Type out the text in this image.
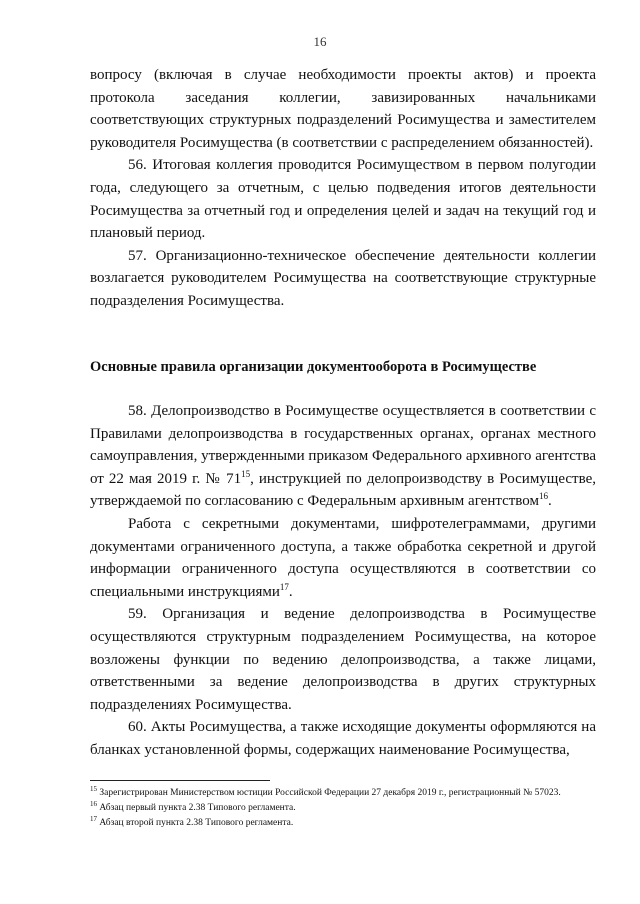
16

вопросу (включая в случае необходимости проекты актов) и проекта протокола заседания коллегии, завизированных начальниками соответствующих структурных подразделений Росимущества и заместителем руководителя Росимущества (в соответствии с распределением обязанностей).

56. Итоговая коллегия проводится Росимуществом в первом полугодии года, следующего за отчетным, с целью подведения итогов деятельности Росимущества за отчетный год и определения целей и задач на текущий год и плановый период.

57. Организационно-техническое обеспечение деятельности коллегии возлагается руководителем Росимущества на соответствующие структурные подразделения Росимущества.

Основные правила организации документооборота в Росимуществе

58. Делопроизводство в Росимуществе осуществляется в соответствии с Правилами делопроизводства в государственных органах, органах местного самоуправления, утвержденными приказом Федерального архивного агентства от 22 мая 2019 г. № $71^{15}$, инструкцией по делопроизводству в Росимуществе, утверждаемой по согласованию с Федеральным архивным агентством$^{16}$.

Работа с секретными документами, шифротелеграммами, другими документами ограниченного доступа, а также обработка секретной и другой информации ограниченного доступа осуществляются в соответствии со специальными инструкциями$^{17}$.

59. Организация и ведение делопроизводства в Росимуществе осуществляются структурным подразделением Росимущества, на которое возложены функции по ведению делопроизводства, а также лицами, ответственными за ведение делопроизводства в других структурных подразделениях Росимущества.

60. Акты Росимущества, а также исходящие документы оформляются на бланках установленной формы, содержащих наименование Росимущества,

$^{15}$ Зарегистрирован Министерством юстиции Российской Федерации 27 декабря 2019 г., регистрационный № 57023.

$^{16}$ Абзац первый пункта 2.38 Типового регламента.

$^{17}$ Абзац второй пункта 2.38 Типового регламента.
